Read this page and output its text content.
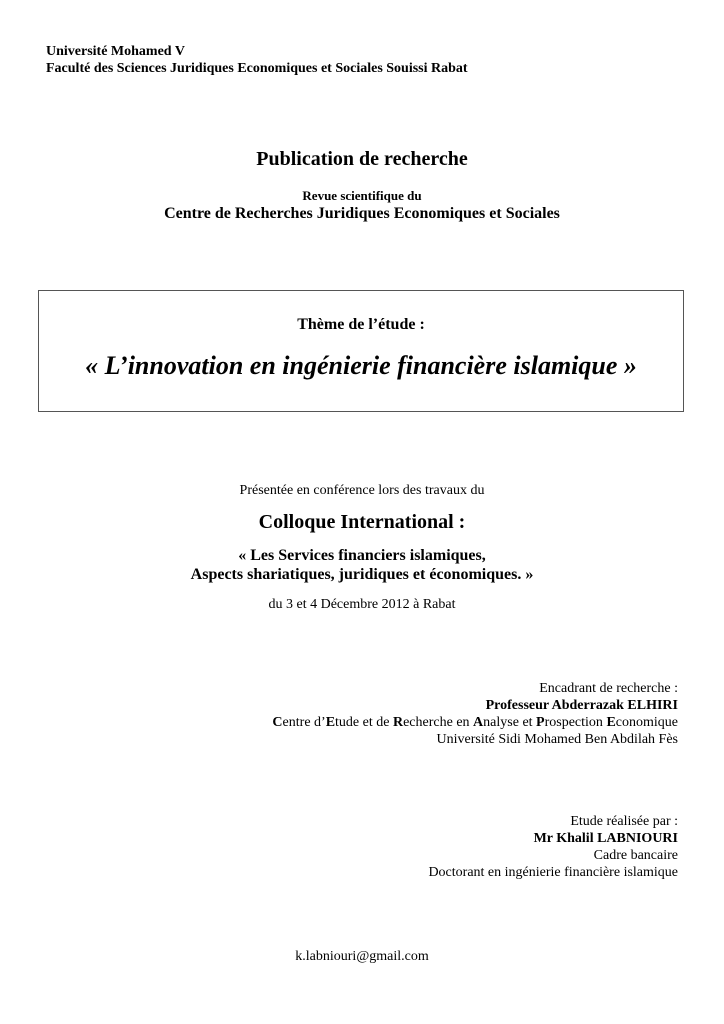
Université Mohamed V
Faculté des Sciences Juridiques Economiques et Sociales Souissi Rabat
Publication de recherche
Revue scientifique du
Centre de Recherches Juridiques Economiques et Sociales
Thème de l’étude :
« L’innovation en ingénierie financière islamique »
Présentée en conférence lors des travaux du
Colloque International :
« Les Services financiers islamiques,
Aspects shariatiques, juridiques et économiques. »
du 3 et 4 Décembre 2012 à Rabat
Encadrant de recherche :
Professeur Abderrazak ELHIRI
Centre d’Etude et de Recherche en Analyse et Prospection Economique
Université Sidi Mohamed Ben Abdilah Fès
Etude réalisée par :
Mr Khalil LABNIOURI
Cadre bancaire
Doctorant en ingénierie financière islamique
k.labniouri@gmail.com
